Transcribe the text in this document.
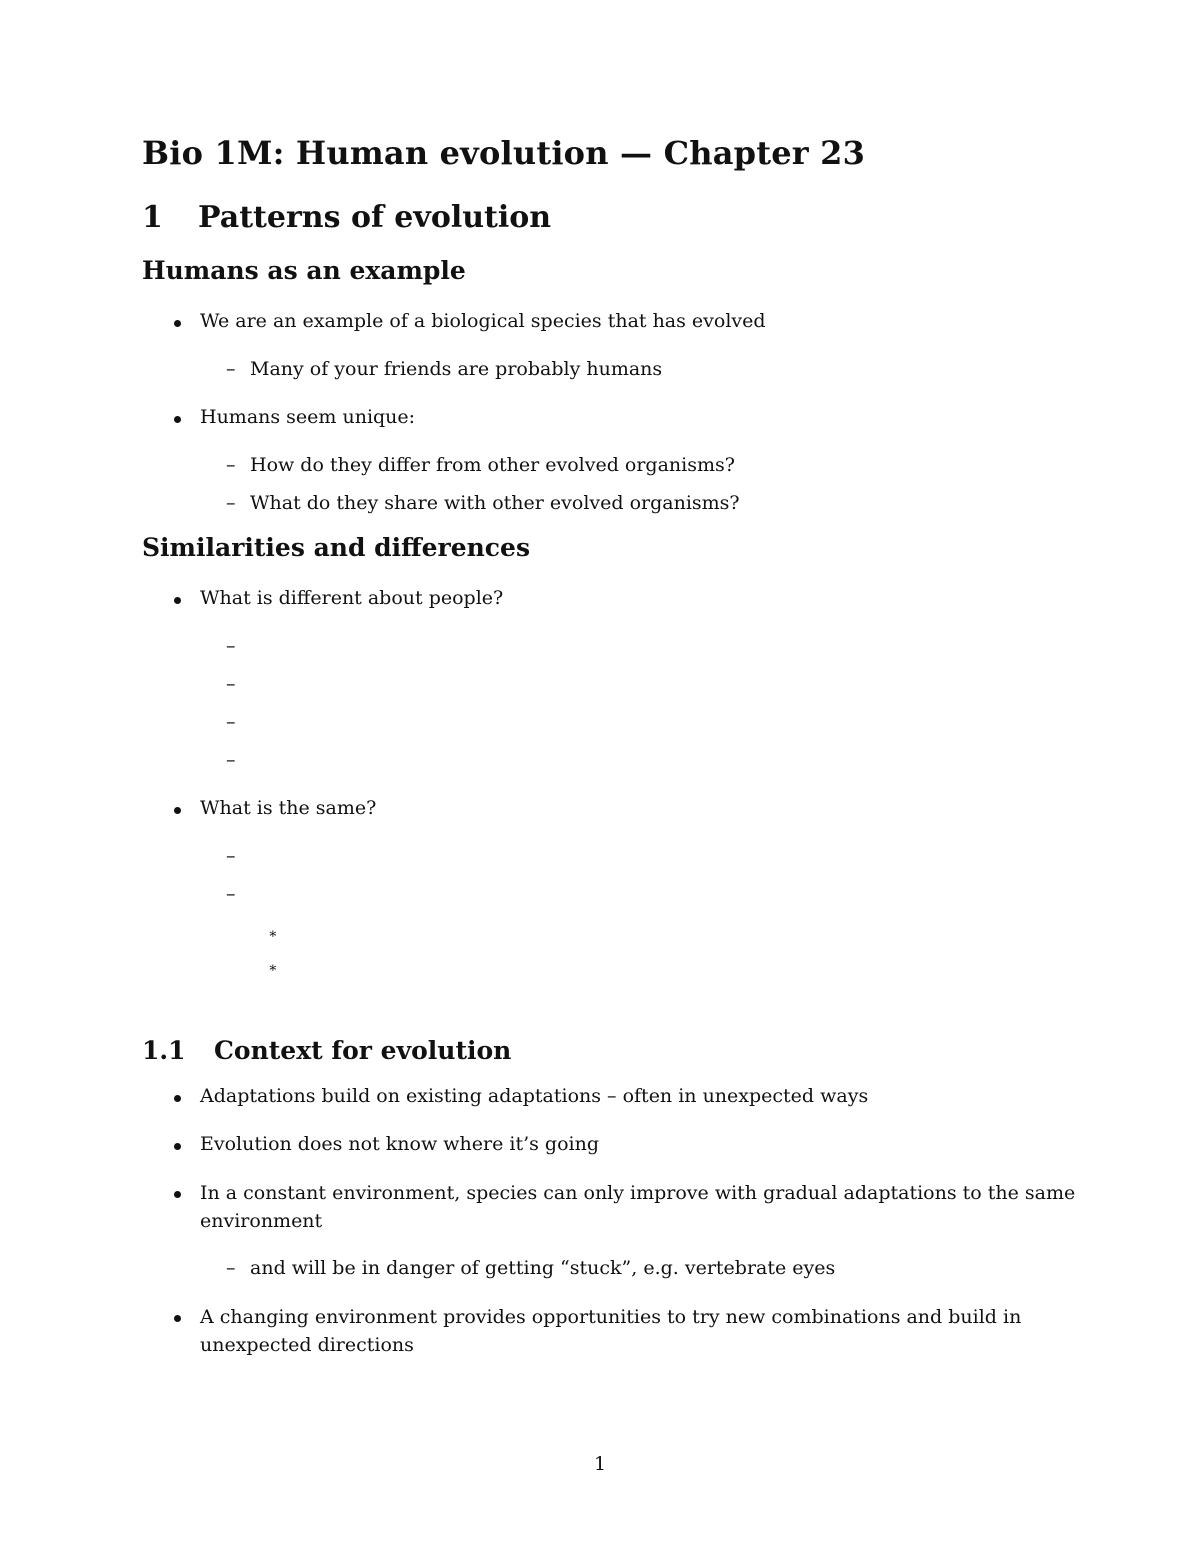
Bio 1M: Human evolution — Chapter 23
1 Patterns of evolution
Humans as an example
We are an example of a biological species that has evolved
– Many of your friends are probably humans
Humans seem unique:
– How do they differ from other evolved organisms?
– What do they share with other evolved organisms?
Similarities and differences
What is different about people?
–
–
–
–
What is the same?
–
–
∗
∗
1.1 Context for evolution
Adaptations build on existing adaptations – often in unexpected ways
Evolution does not know where it’s going
In a constant environment, species can only improve with gradual adaptations to the same environment
– and will be in danger of getting “stuck”, e.g. vertebrate eyes
A changing environment provides opportunities to try new combinations and build in unexpected directions
1
